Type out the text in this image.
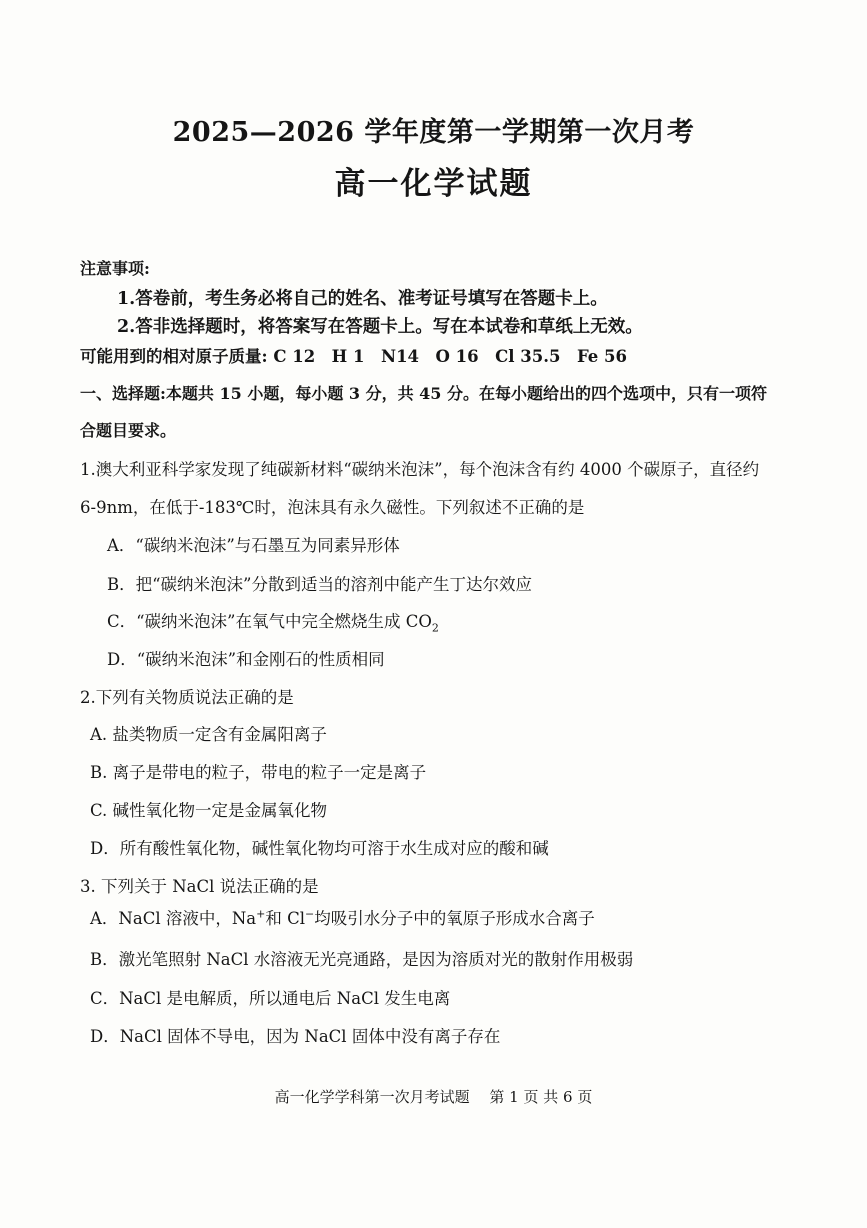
2025—2026 学年度第一学期第一次月考
高一化学试题
注意事项:
1.答卷前，考生务必将自己的姓名、准考证号填写在答题卡上。
2.答非选择题时，将答案写在答题卡上。写在本试卷和草纸上无效。
可能用到的相对原子质量: C 12　H 1　N14　O 16　Cl 35.5　Fe 56
一、选择题:本题共 15 小题，每小题 3 分，共 45 分。在每小题给出的四个选项中，只有一项符
合题目要求。
1.澳大利亚科学家发现了纯碳新材料“碳纳米泡沫”，每个泡沫含有约 4000 个碳原子，直径约
6-9nm，在低于-183℃时，泡沫具有永久磁性。下列叙述不正确的是
A．“碳纳米泡沫”与石墨互为同素异形体
B．把“碳纳米泡沫”分散到适当的溶剂中能产生丁达尔效应
C．“碳纳米泡沫”在氧气中完全燃烧生成 $CO_2$
D．“碳纳米泡沫”和金刚石的性质相同
2.下列有关物质说法正确的是
A. 盐类物质一定含有金属阳离子
B. 离子是带电的粒子，带电的粒子一定是离子
C. 碱性氧化物一定是金属氧化物
D．所有酸性氧化物，碱性氧化物均可溶于水生成对应的酸和碱
3. 下列关于 NaCl 说法正确的是
A．NaCl 溶液中，Na+和 Cl−均吸引水分子中的氧原子形成水合离子
B．激光笔照射 NaCl 水溶液无光亮通路，是因为溶质对光的散射作用极弱
C．NaCl 是电解质，所以通电后 NaCl 发生电离
D．NaCl 固体不导电，因为 NaCl 固体中没有离子存在
高一化学学科第一次月考试题　 第 1 页 共 6 页
